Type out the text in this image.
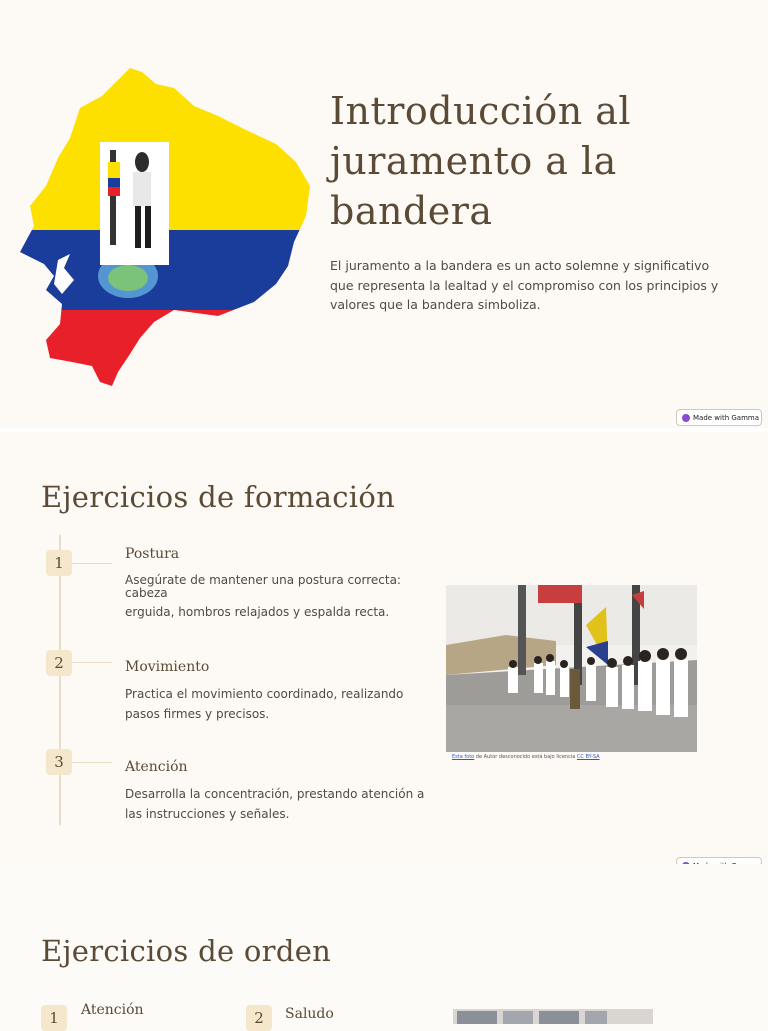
Introducción al juramento a la bandera

El juramento a la bandera es un acto solemne y significativo que representa la lealtad y el compromiso con los principios y valores que la bandera simboliza.

Made with Gamma
Ejercicios de formación
1	Postura

Asegúrate de mantener una postura correcta: cabeza

erguida, hombros relajados y espalda recta.

2	Movimiento

Practica el movimiento coordinado, realizando pasos firmes y precisos.

3	Atención

Desarrolla la concentración, prestando atención a las instrucciones y señales.

Esta foto de Autor desconocido está bajo licencia CC BY-SA
Ejercicios de orden
1	Atención	2	Saludo
